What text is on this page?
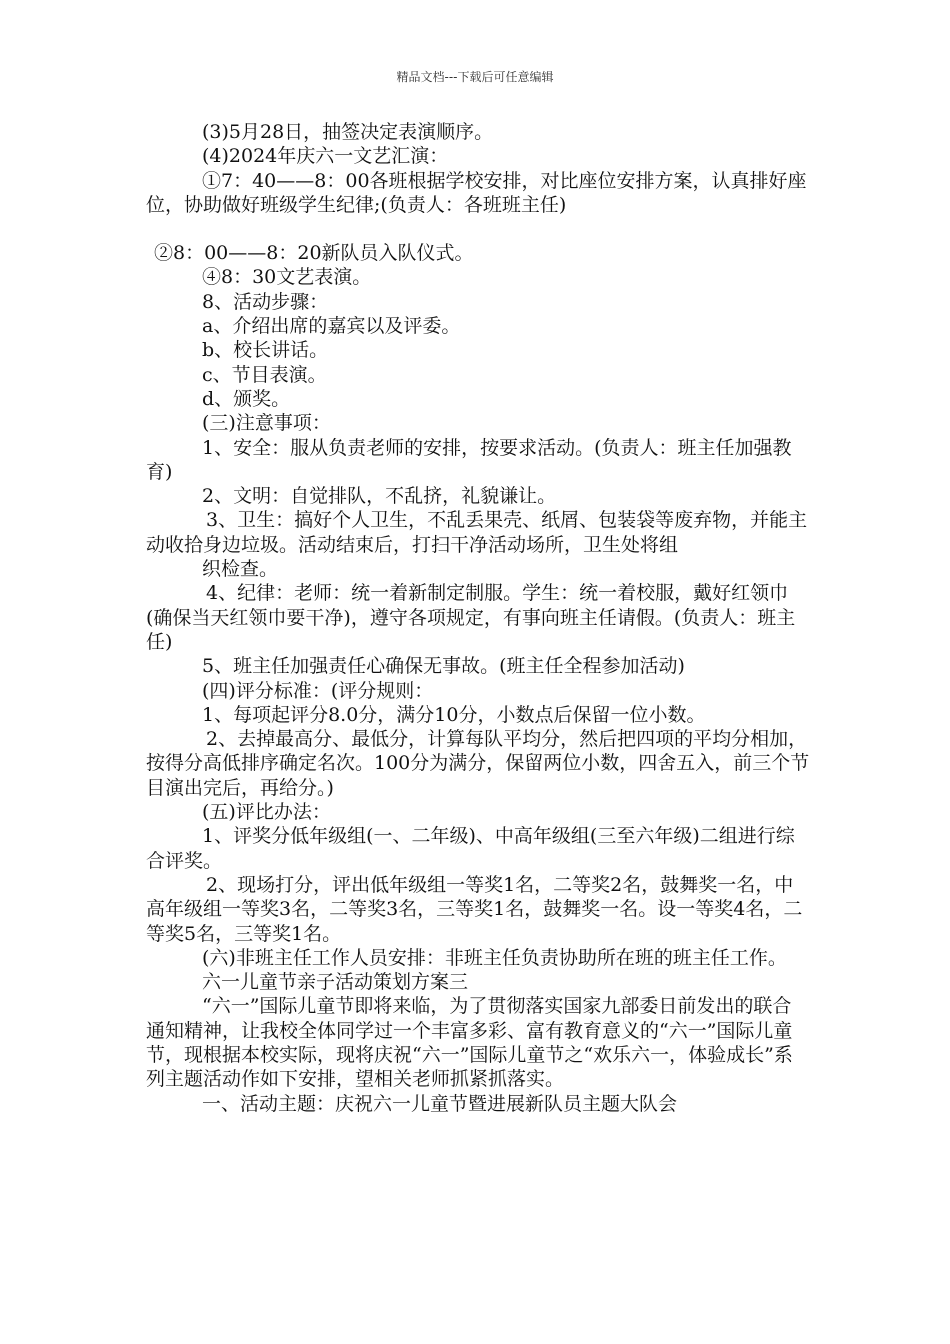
精品文档---下载后可任意编辑

(3)5月28日，抽签决定表演顺序。

(4)2024年庆六一文艺汇演：

①7：40——8：00各班根据学校安排，对比座位安排方案，认真排好座位，协助做好班级学生纪律;(负责人：各班班主任)

②8：00——8：20新队员入队仪式。

④8：30文艺表演。

8、活动步骤：

a、介绍出席的嘉宾以及评委。

b、校长讲话。

c、节目表演。

d、颁奖。

(三)注意事项：

1、安全：服从负责老师的安排，按要求活动。(负责人：班主任加强教育)

2、文明：自觉排队，不乱挤，礼貌谦让。

3、卫生：搞好个人卫生，不乱丢果壳、纸屑、包装袋等废弃物，并能主动收拾身边垃圾。活动结束后，打扫干净活动场所，卫生处将组

织检查。

4、纪律：老师：统一着新制定制服。学生：统一着校服，戴好红领巾(确保当天红领巾要干净)，遵守各项规定，有事向班主任请假。(负责人：班主任)

5、班主任加强责任心确保无事故。(班主任全程参加活动)

(四)评分标准：(评分规则：

1、每项起评分8.0分，满分10分，小数点后保留一位小数。

2、去掉最高分、最低分，计算每队平均分，然后把四项的平均分相加，按得分高低排序确定名次。100分为满分，保留两位小数，四舍五入，前三个节目演出完后，再给分。)

(五)评比办法：

1、评奖分低年级组(一、二年级)、中高年级组(三至六年级)二组进行综合评奖。

2、现场打分，评出低年级组一等奖1名，二等奖2名，鼓舞奖一名，中高年级组一等奖3名，二等奖3名，三等奖1名，鼓舞奖一名。设一等奖4名，二等奖5名，三等奖1名。

(六)非班主任工作人员安排：非班主任负责协助所在班的班主任工作。

六一儿童节亲子活动策划方案三

“六一”国际儿童节即将来临，为了贯彻落实国家九部委日前发出的联合通知精神，让我校全体同学过一个丰富多彩、富有教育意义的“六一”国际儿童节，现根据本校实际，现将庆祝“六一”国际儿童节之“欢乐六一，体验成长”系列主题活动作如下安排，望相关老师抓紧抓落实。

一、活动主题：庆祝六一儿童节暨进展新队员主题大队会
